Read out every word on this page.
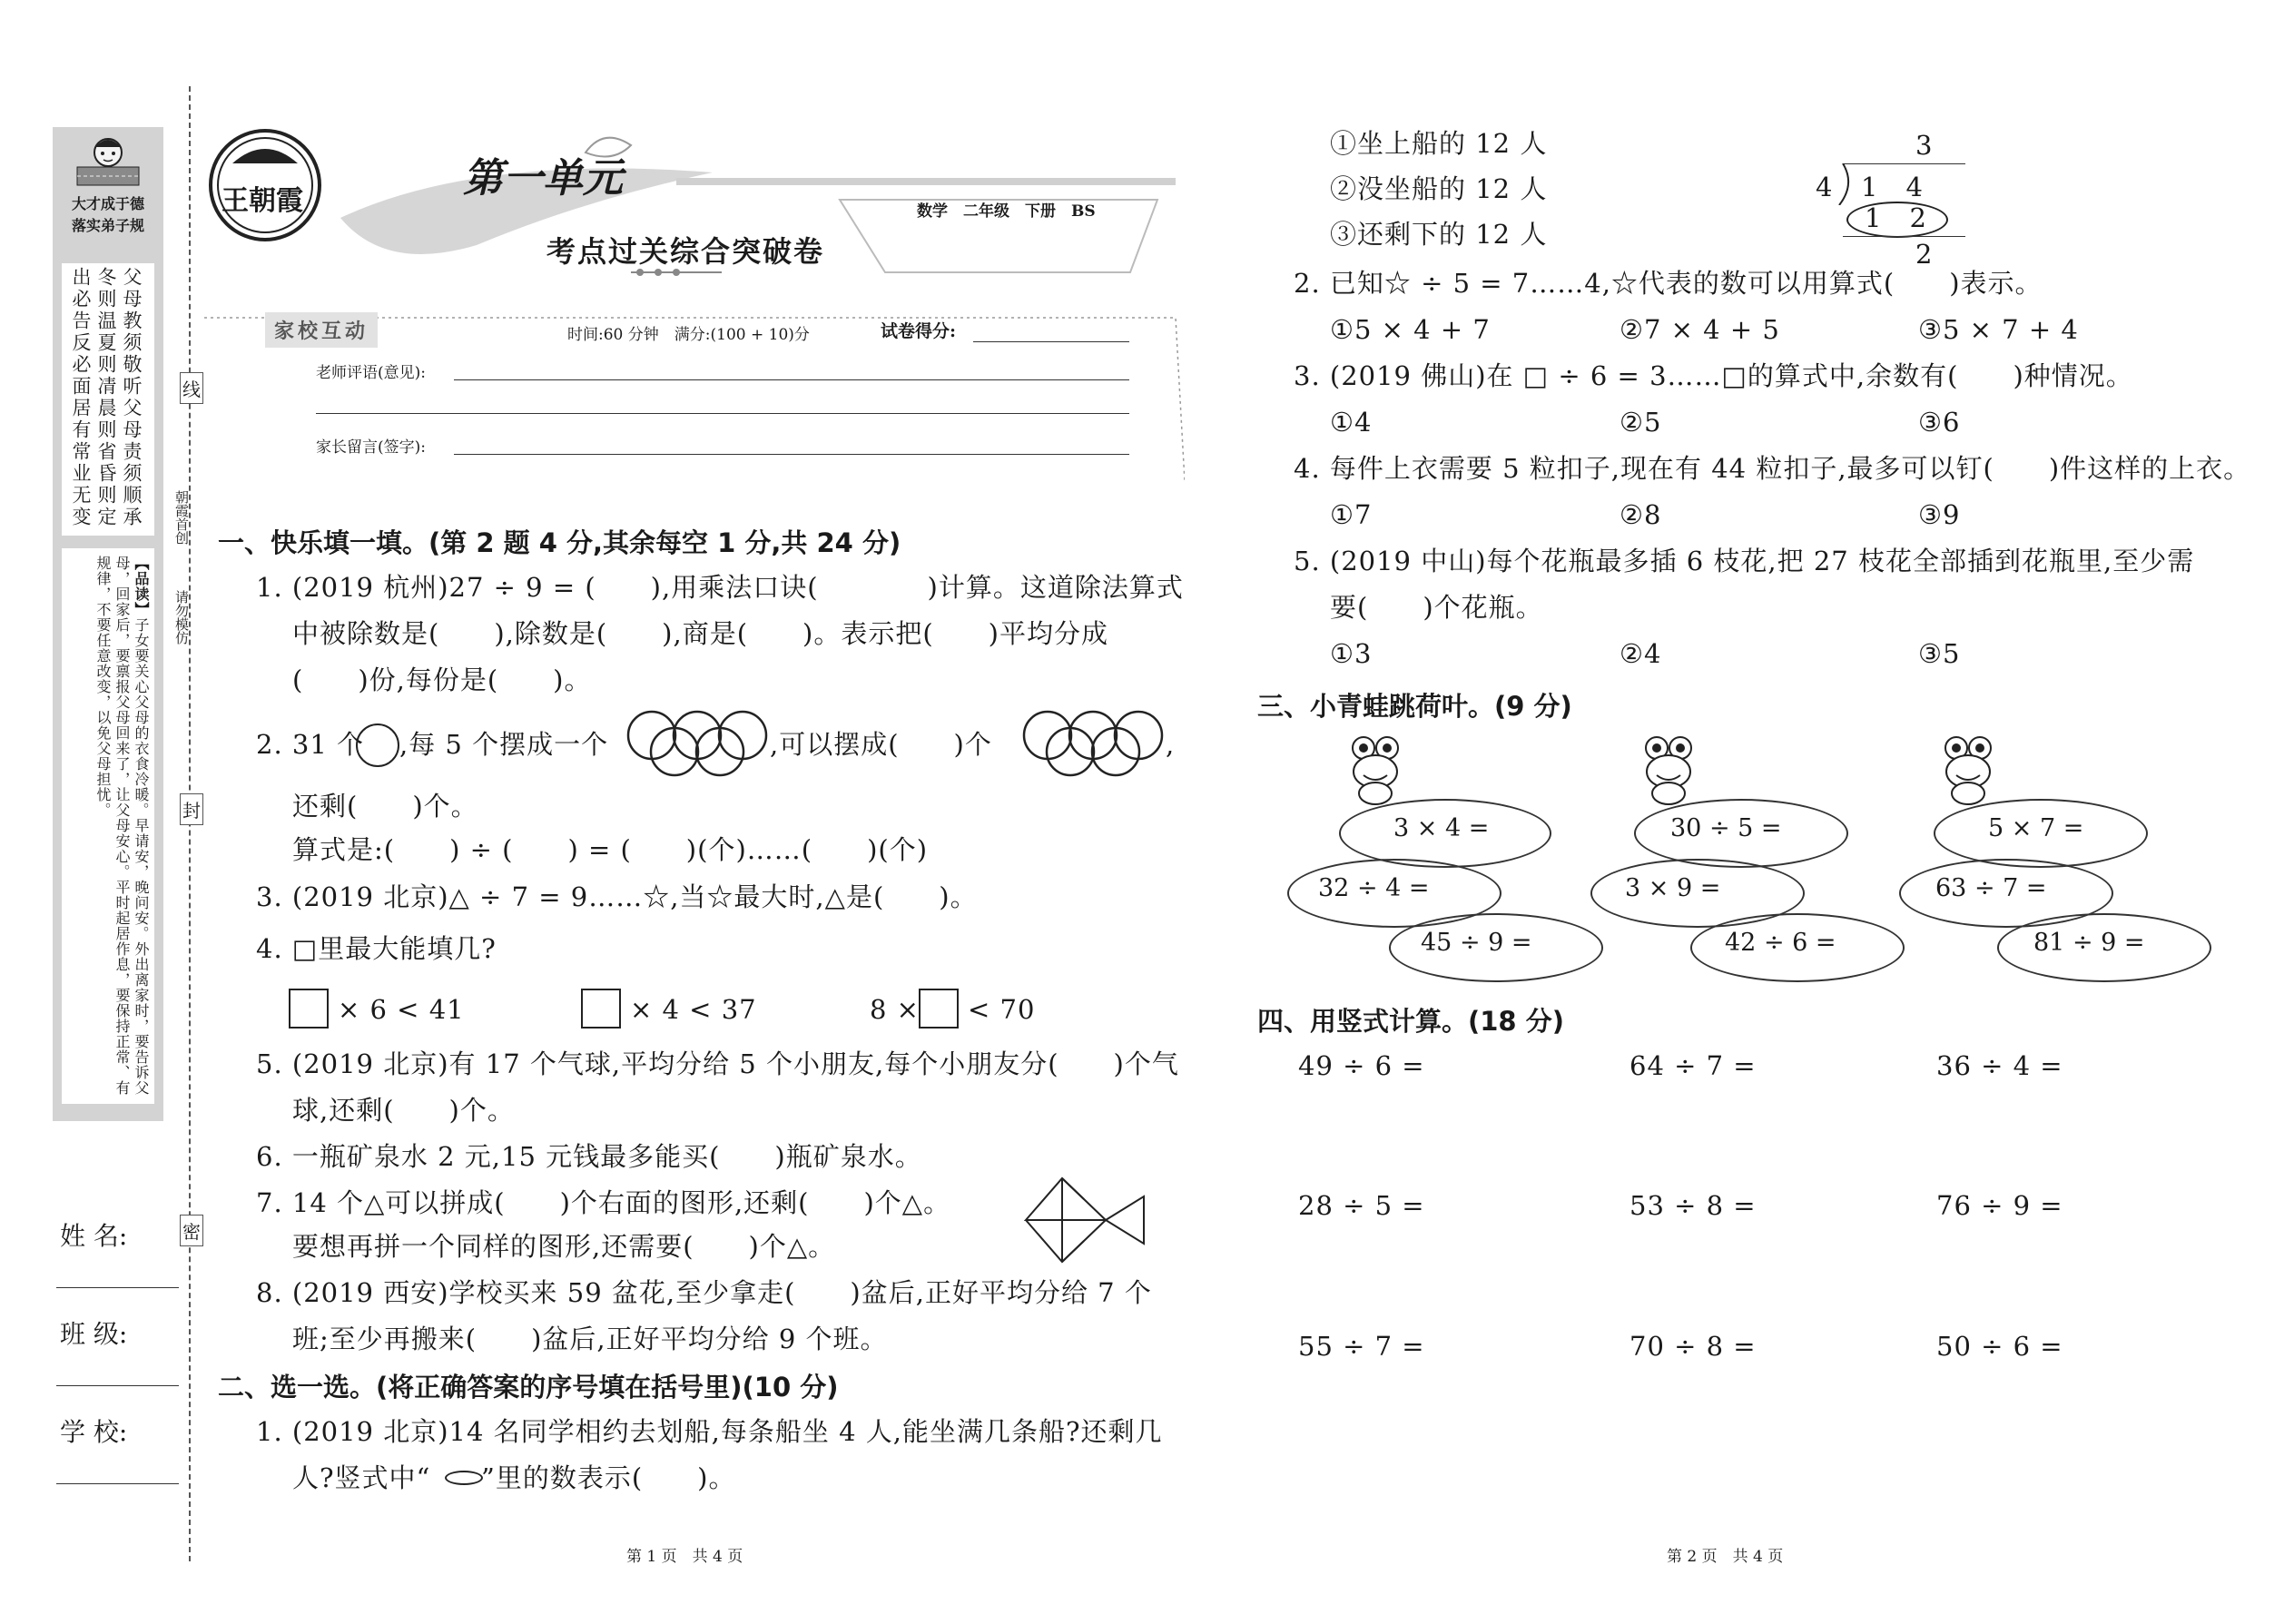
大才成于德
落实弟子规
父母教须敬听父母责须顺承
冬则温夏则凊晨则省昏则定
出必告反必面居有常业无变
【品读】子女要关心父母的衣食冷暖。早请安，晚问安。外出离家时，要告诉父母，回家后，要禀报父母回来了，让父母安心。平时起居作息，要保持正常、有规律，不要任意改变，以免父母担忧。
线
封
密
朝霞首创
请勿模仿
姓 名:
班 级:
学 校:
王朝霞	第一单元
考点过关综合突破卷
数学　二年级　下册　BS
家校互动	时间:60 分钟　满分:(100 + 10)分	试卷得分:
老师评语(意见):
家长留言(签字):
一、快乐填一填。(第 2 题 4 分,其余每空 1 分,共 24 分)
1. (2019 杭州)27 ÷ 9 = (　　),用乘法口诀(　　　　)计算。这道除法算式
中被除数是(　　),除数是(　　),商是(　　)。表示把(　　)平均分成
(　　)份,每份是(　　)。
2. 31 个 ,每 5 个摆成一个	,可以摆成(　　)个	,
还剩(　　)个。
算式是:(　　) ÷ (　　) = (　　)(个)……(　　)(个)
3. (2019 北京)△ ÷ 7 = 9……☆,当☆最大时,△是(　　)。
4. □里最大能填几?
× 6 < 41	× 4 < 37	8 × < 70
5. (2019 北京)有 17 个气球,平均分给 5 个小朋友,每个小朋友分(　　)个气
球,还剩(　　)个。
6. 一瓶矿泉水 2 元,15 元钱最多能买(　　)瓶矿泉水。
7. 14 个△可以拼成(　　)个右面的图形,还剩(　　)个△。
要想再拼一个同样的图形,还需要(　　)个△。
8. (2019 西安)学校买来 59 盆花,至少拿走(　　)盆后,正好平均分给 7 个
班;至少再搬来(　　)盆后,正好平均分给 9 个班。
二、选一选。(将正确答案的序号填在括号里)(10 分)
1. (2019 北京)14 名同学相约去划船,每条船坐 4 人,能坐满几条船?还剩几
人?竖式中“ ”里的数表示(　　)。
①坐上船的 12 人
②没坐船的 12 人
③还剩下的 12 人
3
4 1　4
1　2
2
2. 已知☆ ÷ 5 = 7……4,☆代表的数可以用算式(　　)表示。
①5 × 4 + 7	②7 × 4 + 5	③5 × 7 + 4
3. (2019 佛山)在 □ ÷ 6 = 3……□的算式中,余数有(　　)种情况。
①4	②5	③6
4. 每件上衣需要 5 粒扣子,现在有 44 粒扣子,最多可以钉(　　)件这样的上衣。
①7	②8	③9
5. (2019 中山)每个花瓶最多插 6 枝花,把 27 枝花全部插到花瓶里,至少需
要(　　)个花瓶。
①3	②4	③5
三、小青蛙跳荷叶。(9 分)
3 × 4 =
32 ÷ 4 =
45 ÷ 9 =
30 ÷ 5 =
3 × 9 =
42 ÷ 6 =
5 × 7 =
63 ÷ 7 =
81 ÷ 9 =
四、用竖式计算。(18 分)
49 ÷ 6 =	64 ÷ 7 =	36 ÷ 4 =
28 ÷ 5 =	53 ÷ 8 =	76 ÷ 9 =
55 ÷ 7 =	70 ÷ 8 =	50 ÷ 6 =
第 1 页　共 4 页	第 2 页　共 4 页
